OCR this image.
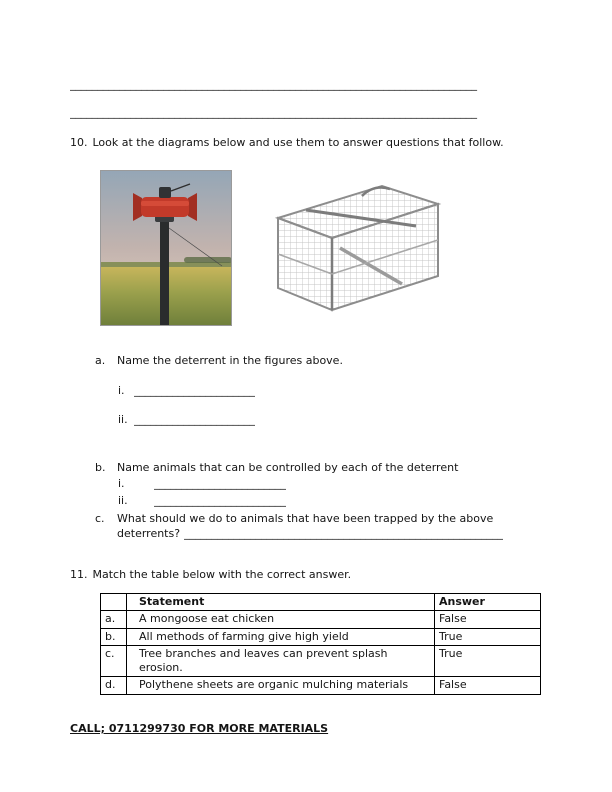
__________________________________________________________________________
__________________________________________________________________________
10. Look at the diagrams below and use them to answer questions that follow.
a.	Name the deterrent in the figures above.
i. ______________________
ii. ______________________
b.	Name animals that can be controlled by each of the deterrent
i.	________________________
ii.	________________________
c.	What should we do to animals that have been trapped by the above
deterrents? __________________________________________________________
11. Match the table below with the correct answer.
	Statement	Answer
a.	A mongoose eat chicken	False
b.	All methods of farming give high yield	True
c.	Tree branches and leaves can prevent splash erosion.	True
d.	Polythene sheets are organic mulching materials	False
CALL; 0711299730 FOR MORE MATERIALS
